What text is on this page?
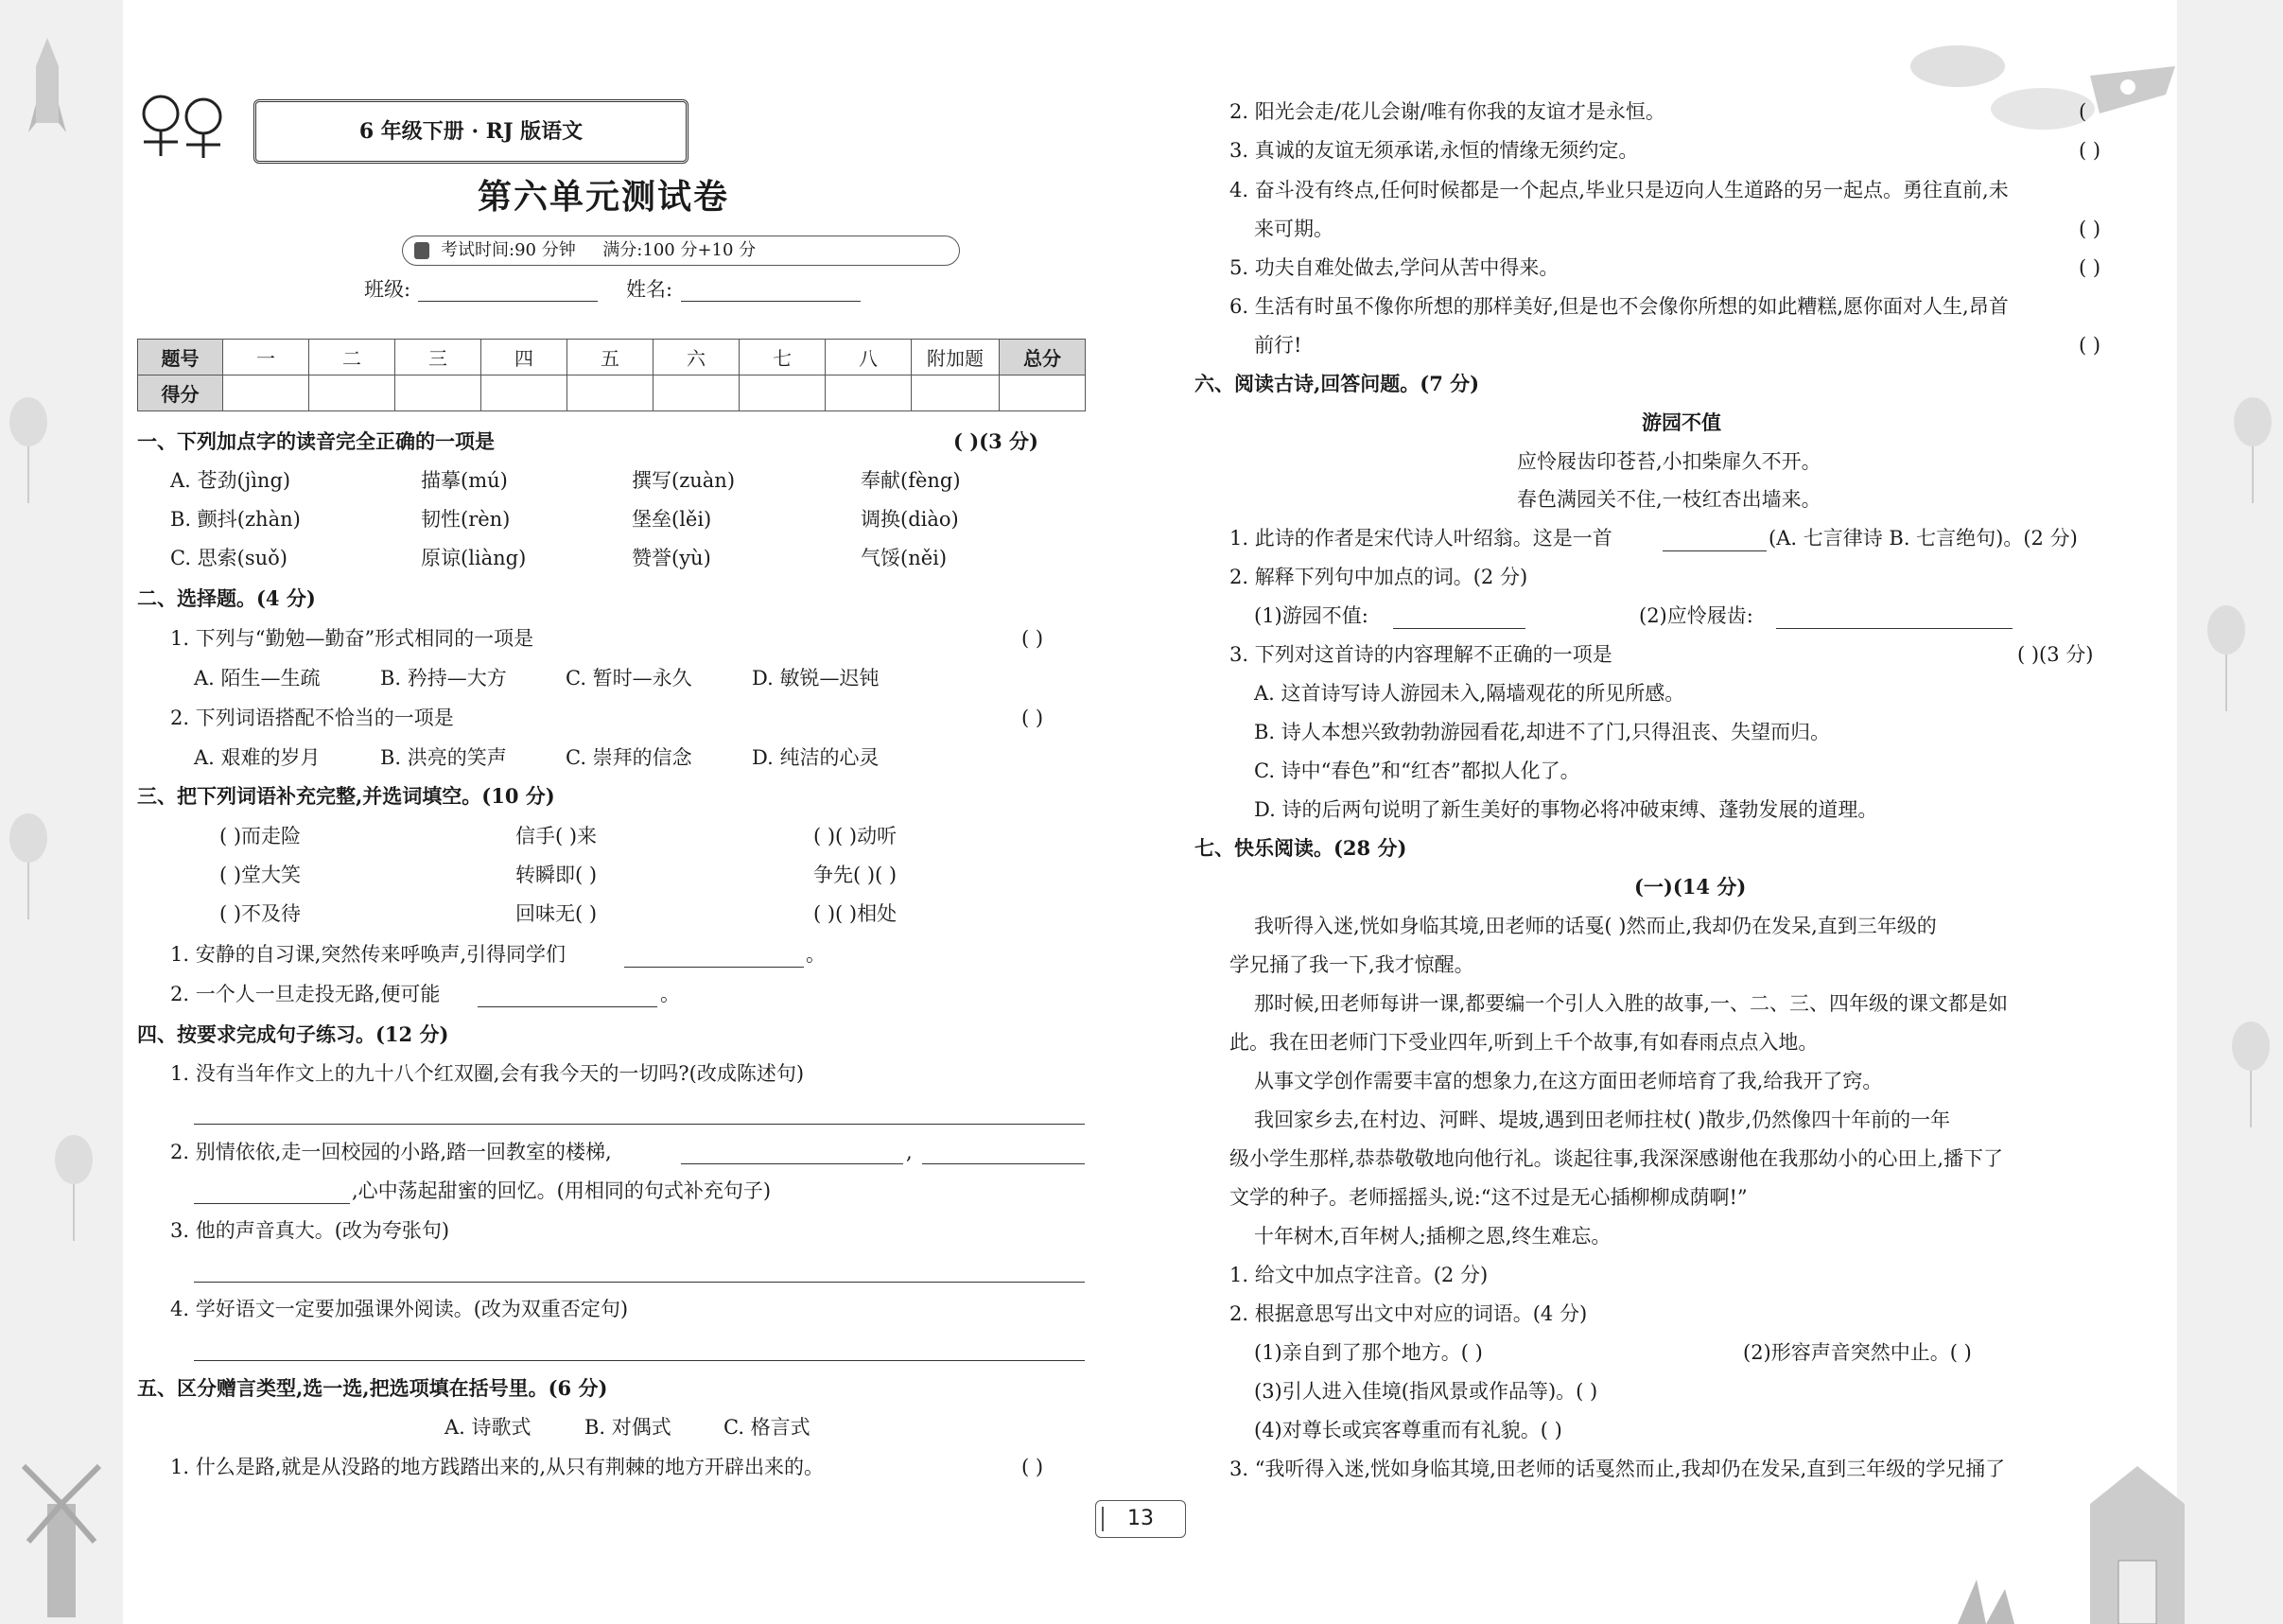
6 年级下册 · RJ 版语文
第六单元测试卷
考试时间:90 分钟 满分:100 分+10 分
班级:	姓名:
题号	一	二	三	四	五	六	七	八	附加题	总分
得分										
一、下列加点字的读音完全正确的一项是	( )(3 分)
A. 苍劲(jìng)	描摹(mú)	撰写(zuàn)	奉献(fèng)
B. 颤抖(zhàn)	韧性(rèn)	堡垒(lěi)	调换(diào)
C. 思索(suǒ)	原谅(liàng)	赞誉(yù)	气馁(něi)
二、选择题。(4 分)
1. 下列与“勤勉—勤奋”形式相同的一项是	( )
A. 陌生—生疏	B. 矜持—大方	C. 暂时—永久	D. 敏锐—迟钝
2. 下列词语搭配不恰当的一项是	( )
A. 艰难的岁月	B. 洪亮的笑声	C. 崇拜的信念	D. 纯洁的心灵
三、把下列词语补充完整,并选词填空。(10 分)
( )而走险	信手( )来	( )( )动听
( )堂大笑	转瞬即( )	争先( )( )
( )不及待	回味无( )	( )( )相处
1. 安静的自习课,突然传来呼唤声,引得同学们	。
2. 一个人一旦走投无路,便可能	。
四、按要求完成句子练习。(12 分)
1. 没有当年作文上的九十八个红双圈,会有我今天的一切吗?(改成陈述句)
2. 别情依依,走一回校园的小路,踏一回教室的楼梯,	,
,心中荡起甜蜜的回忆。(用相同的句式补充句子)
3. 他的声音真大。(改为夸张句)
4. 学好语文一定要加强课外阅读。(改为双重否定句)
五、区分赠言类型,选一选,把选项填在括号里。(6 分)
A. 诗歌式	B. 对偶式	C. 格言式
1. 什么是路,就是从没路的地方践踏出来的,从只有荆棘的地方开辟出来的。	( )
2. 阳光会走/花儿会谢/唯有你我的友谊才是永恒。	(
3. 真诚的友谊无须承诺,永恒的情缘无须约定。	( )
4. 奋斗没有终点,任何时候都是一个起点,毕业只是迈向人生道路的另一起点。勇往直前,未
来可期。	( )
5. 功夫自难处做去,学问从苦中得来。	( )
6. 生活有时虽不像你所想的那样美好,但是也不会像你所想的如此糟糕,愿你面对人生,昂首
前行!	( )
六、阅读古诗,回答问题。(7 分)
游园不值
应怜屐齿印苍苔,小扣柴扉久不开。
春色满园关不住,一枝红杏出墙来。
1. 此诗的作者是宋代诗人叶绍翁。这是一首	(A. 七言律诗 B. 七言绝句)。(2 分)
2. 解释下列句中加点的词。(2 分)
(1)游园不值:	(2)应怜屐齿:
3. 下列对这首诗的内容理解不正确的一项是	( )(3 分)
A. 这首诗写诗人游园未入,隔墙观花的所见所感。
B. 诗人本想兴致勃勃游园看花,却进不了门,只得沮丧、失望而归。
C. 诗中“春色”和“红杏”都拟人化了。
D. 诗的后两句说明了新生美好的事物必将冲破束缚、蓬勃发展的道理。
七、快乐阅读。(28 分)
(一)(14 分)
我听得入迷,恍如身临其境,田老师的话戛( )然而止,我却仍在发呆,直到三年级的
学兄捅了我一下,我才惊醒。
那时候,田老师每讲一课,都要编一个引人入胜的故事,一、二、三、四年级的课文都是如
此。我在田老师门下受业四年,听到上千个故事,有如春雨点点入地。
从事文学创作需要丰富的想象力,在这方面田老师培育了我,给我开了窍。
我回家乡去,在村边、河畔、堤坡,遇到田老师拄杖( )散步,仍然像四十年前的一年
级小学生那样,恭恭敬敬地向他行礼。谈起往事,我深深感谢他在我那幼小的心田上,播下了
文学的种子。老师摇摇头,说:“这不过是无心插柳柳成荫啊!”
十年树木,百年树人;插柳之恩,终生难忘。
1. 给文中加点字注音。(2 分)
2. 根据意思写出文中对应的词语。(4 分)
(1)亲自到了那个地方。( )	(2)形容声音突然中止。( )
(3)引人进入佳境(指风景或作品等)。( )
(4)对尊长或宾客尊重而有礼貌。( )
3. “我听得入迷,恍如身临其境,田老师的话戛然而止,我却仍在发呆,直到三年级的学兄捅了
13
